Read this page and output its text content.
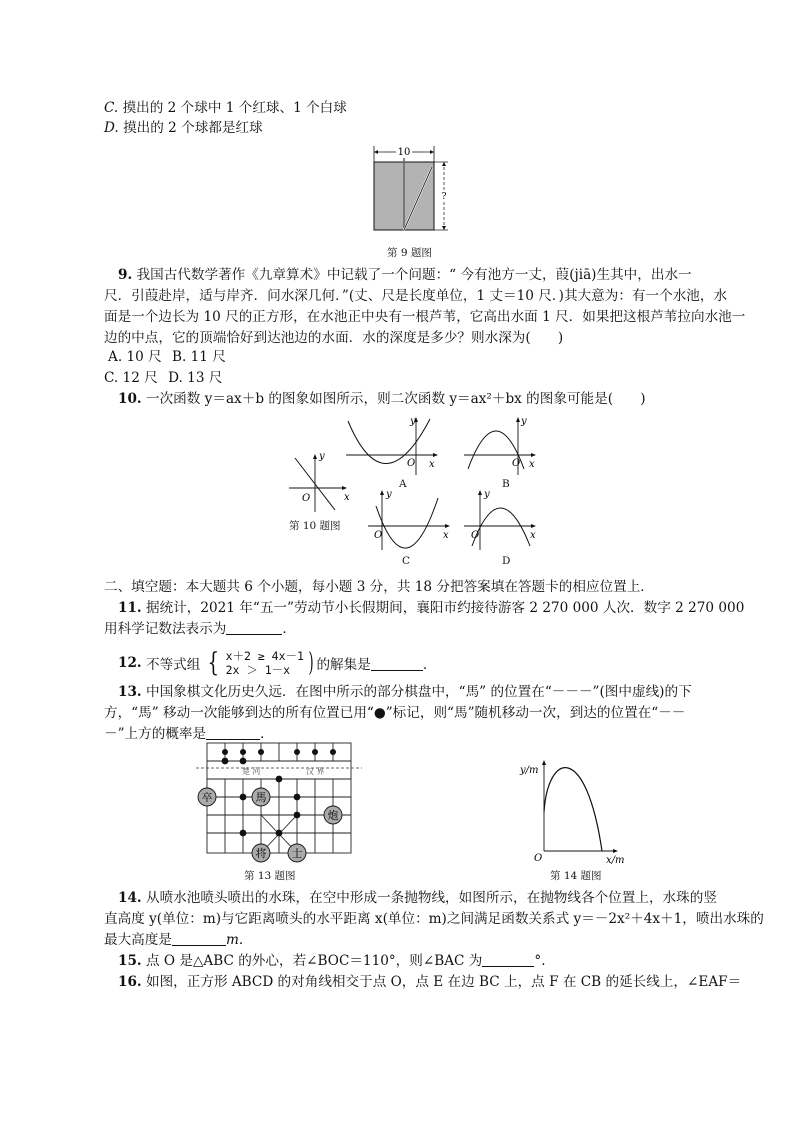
C. 摸出的 2 个球中 1 个红球、1 个白球
D. 摸出的 2 个球都是红球
10
?
第 9 题图
9. 我国古代数学著作《九章算术》中记载了一个问题：“ 今有池方一丈，葭(jiā)生其中，出水一
尺．引葭赴岸，适与岸齐．问水深几何．”(丈、尺是长度单位，1 丈＝10 尺．)其大意为：有一个水池，水
面是一个边长为 10 尺的正方形，在水池正中央有一根芦苇，它高出水面 1 尺．如果把这根芦苇拉向水池一
边的中点，它的顶端恰好到达池边的水面．水的深度是多少？则水深为(　　)
A. 10 尺 B. 11 尺
C. 12 尺 D. 13 尺
10. 一次函数 y＝ax＋b 的图象如图所示，则二次函数 y＝ax²＋bx 的图象可能是(　　)
y
x
O
第 10 题图
y
x
O
A
y
x
O
B
y
x
O
C
y
x
O
D
二、填空题：本大题共 6 个小题，每小题 3 分，共 18 分把答案填在答题卡的相应位置上．
11. 据统计，2021 年“五一”劳动节小长假期间，襄阳市约接待游客 2 270 000 人次．数字 2 270 000
用科学记数法表示为	．
12. 不等式组 { x＋2 ≥ 4x－1
2x ＞ 1－x ) 的解集是	．
13. 中国象棋文化历史久远．在图中所示的部分棋盘中，“馬” 的位置在“－－－”(图中虚线)的下
方，“馬” 移动一次能够到达的所有位置已用“●”标记，则“馬”随机移动一次，到达的位置在“－－
－”上方的概率是	．
楚 河	汉 界
卒	馬
炮
将 士
第 13 题图
y/m
x/m
O
第 14 题图
14. 从喷水池喷头喷出的水珠，在空中形成一条抛物线，如图所示，在抛物线各个位置上，水珠的竖
直高度 y(单位：m)与它距离喷头的水平距离 x(单位：m)之间满足函数关系式 y＝－2x²＋4x＋1，喷出水珠的
最大高度是	m.
15. 点 O 是△ABC 的外心，若∠BOC＝110°，则∠BAC 为	°.
16. 如图，正方形 ABCD 的对角线相交于点 O，点 E 在边 BC 上，点 F 在 CB 的延长线上，∠EAF＝
